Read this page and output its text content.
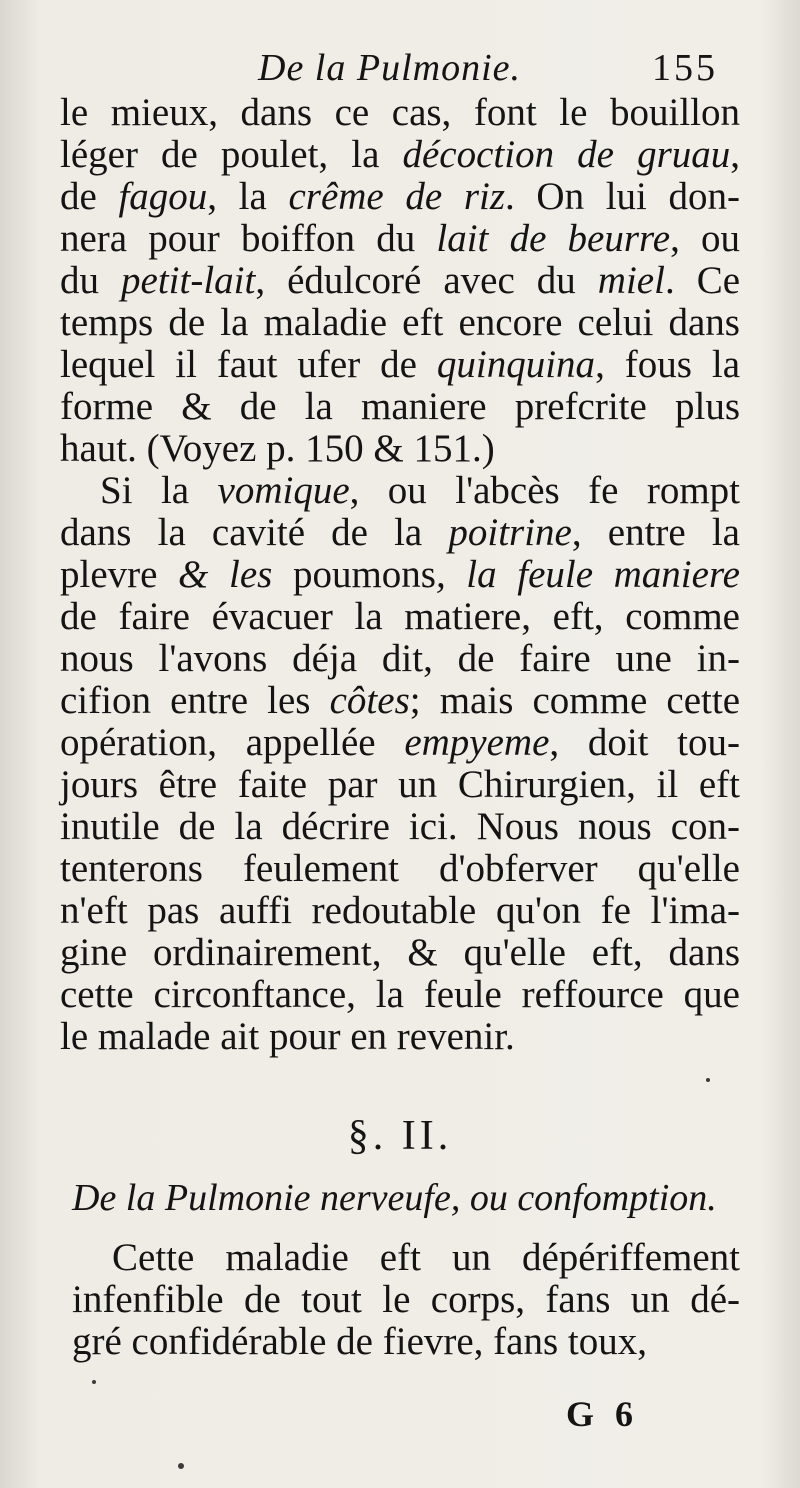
De la Pulmonie.	155
le mieux, dans ce cas, font le bouillon
léger de poulet, la décoction de gruau,
de fagou, la crême de riz. On lui don-
nera pour boiffon du lait de beurre, ou
du petit-lait, édulcoré avec du miel. Ce
temps de la maladie eft encore celui dans
lequel il faut ufer de quinquina, fous la
forme & de la maniere prefcrite plus
haut. (Voyez p. 150 & 151.)
Si la vomique, ou l'abcès fe rompt
dans la cavité de la poitrine, entre la
plevre & les poumons, la feule maniere
de faire évacuer la matiere, eft, comme
nous l'avons déja dit, de faire une in-
cifion entre les côtes; mais comme cette
opération, appellée empyeme, doit tou-
jours être faite par un Chirurgien, il eft
inutile de la décrire ici. Nous nous con-
tenterons feulement d'obferver qu'elle
n'eft pas auffi redoutable qu'on fe l'ima-
gine ordinairement, & qu'elle eft, dans
cette circonftance, la feule reffource que
le malade ait pour en revenir.
§. II.
De la Pulmonie nerveufe, ou confomption.
Cette maladie eft un dépériffement
infenfible de tout le corps, fans un dé-
gré confidérable de fievre, fans toux,
G 6
